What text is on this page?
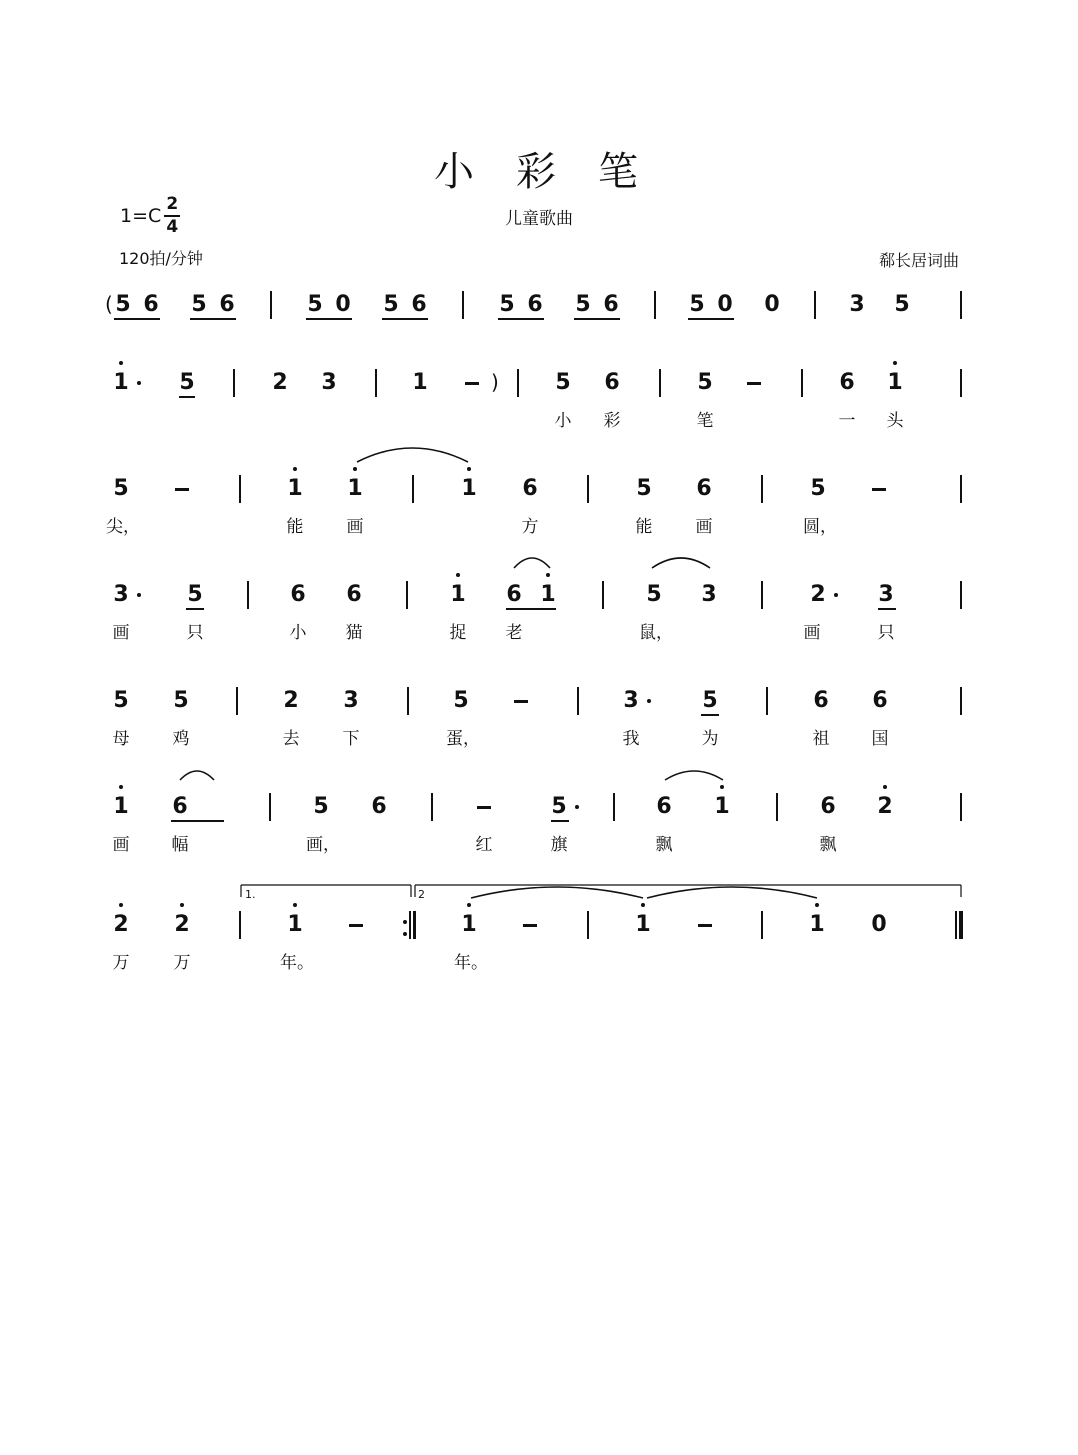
小 彩 笔
儿童歌曲
1=C
2
4
120拍/分钟	郗长居词曲
5 6 5 6	5 0 5 6	5 6 5 6	5 0 0	3 5
1 5	2 3	1	5 6	5	6 1
小	彩	笔	一	头
5	1 1	1 6	5 6	5
尖，	能	画	方	能	画	圆，
3	5	6 6	1 6 1	5 3	2 3
画	只	小	猫	捉	老	鼠，	画	只
5 5	2 3	5	3	5	6 6
母	鸡	去	下	蛋，	我	为	祖	国
1 6	5 6	5	6 1	6 2
画	幅	画，	红	旗	飘	飘
2 2	1	1	1	1 0
万	万	年。	年。
(
)
1.	2
